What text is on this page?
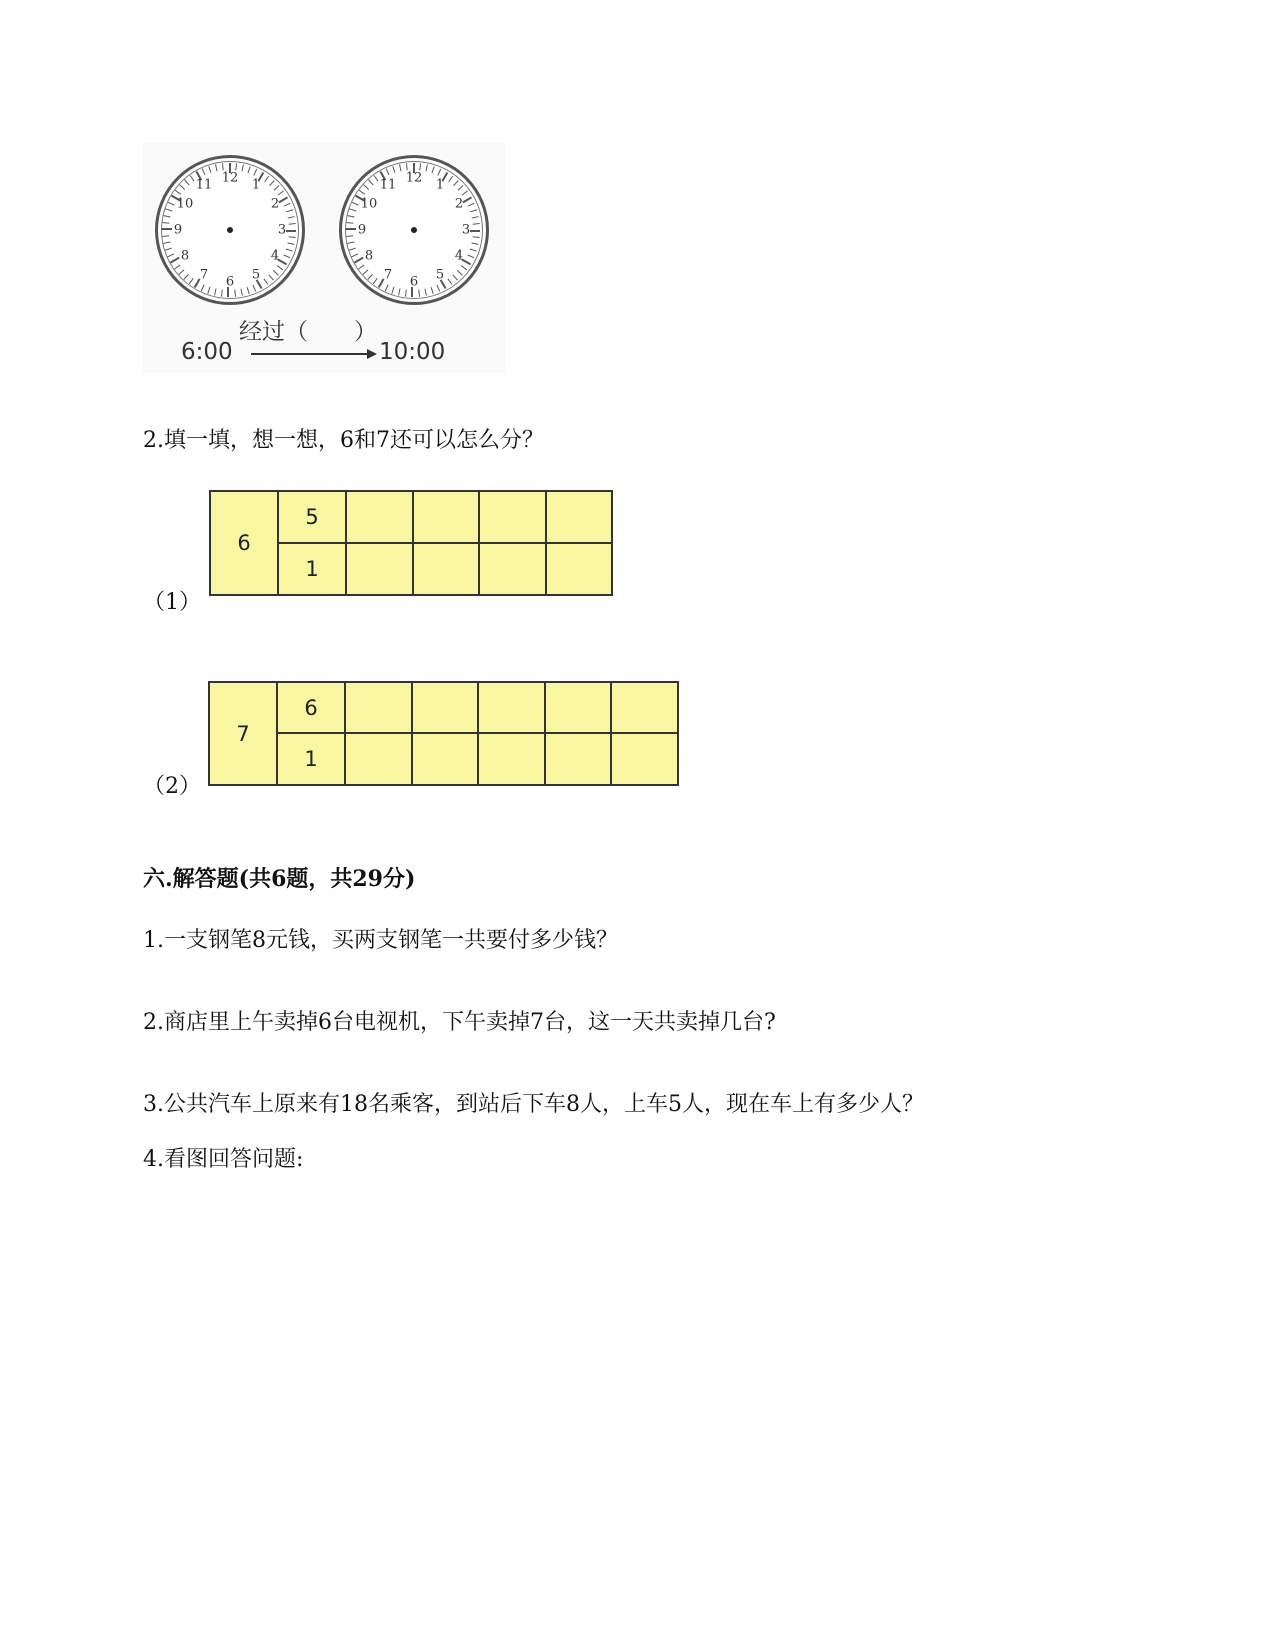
12 1
2
3
4
5
6
7
8
9
10
11	12 1
2
3
4
5
6
7
8
9
10
11
经过（　　）
6:00	10:00
2.填一填，想一想，6和7还可以怎么分？
6	5				
	1				
（1）
7	6					
	1					
（2）
六.解答题(共6题，共29分)
1.一支钢笔8元钱，买两支钢笔一共要付多少钱？
2.商店里上午卖掉6台电视机，下午卖掉7台，这一天共卖掉几台?
3.公共汽车上原来有18名乘客，到站后下车8人，上车5人，现在车上有多少人？
4.看图回答问题:
